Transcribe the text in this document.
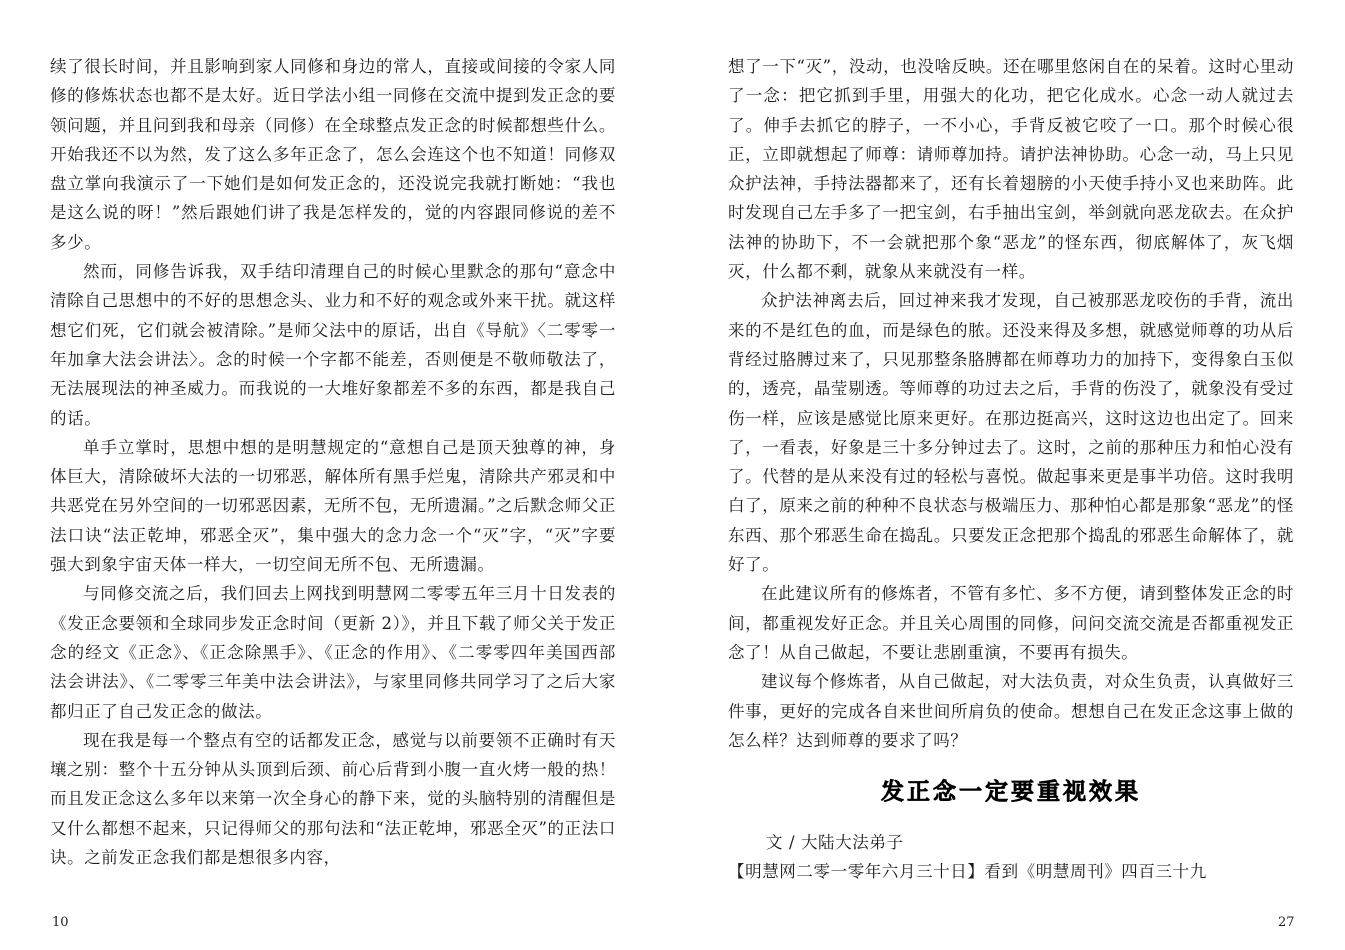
续了很长时间，并且影响到家人同修和身边的常人，直接或间接的令家人同修的修炼状态也都不是太好。近日学法小组一同修在交流中提到发正念的要领问题，并且问到我和母亲（同修）在全球整点发正念的时候都想些什么。开始我还不以为然，发了这么多年正念了，怎么会连这个也不知道！同修双盘立掌向我演示了一下她们是如何发正念的，还没说完我就打断她：“我也是这么说的呀！”然后跟她们讲了我是怎样发的，觉的内容跟同修说的差不多少。

然而，同修告诉我，双手结印清理自己的时候心里默念的那句“意念中清除自己思想中的不好的思想念头、业力和不好的观念或外来干扰。就这样想它们死，它们就会被清除。”是师父法中的原话，出自《导航》〈二零零一年加拿大法会讲法〉。念的时候一个字都不能差，否则便是不敬师敬法了，无法展现法的神圣威力。而我说的一大堆好象都差不多的东西，都是我自己的话。

单手立掌时，思想中想的是明慧规定的“意想自己是顶天独尊的神，身体巨大，清除破坏大法的一切邪恶，解体所有黑手烂鬼，清除共产邪灵和中共恶党在另外空间的一切邪恶因素，无所不包，无所遗漏。”之后默念师父正法口诀“法正乾坤，邪恶全灭”，集中强大的念力念一个“灭”字，“灭”字要强大到象宇宙天体一样大，一切空间无所不包、无所遗漏。

与同修交流之后，我们回去上网找到明慧网二零零五年三月十日发表的《发正念要领和全球同步发正念时间（更新 2）》，并且下载了师父关于发正念的经文《正念》、《正念除黑手》、《正念的作用》、《二零零四年美国西部法会讲法》、《二零零三年美中法会讲法》，与家里同修共同学习了之后大家都归正了自己发正念的做法。

现在我是每一个整点有空的话都发正念，感觉与以前要领不正确时有天壤之别：整个十五分钟从头顶到后颈、前心后背到小腹一直火烤一般的热！而且发正念这么多年以来第一次全身心的静下来，觉的头脑特别的清醒但是又什么都想不起来，只记得师父的那句法和“法正乾坤，邪恶全灭”的正法口诀。之前发正念我们都是想很多内容，

想了一下“灭”，没动，也没啥反映。还在哪里悠闲自在的呆着。这时心里动了一念：把它抓到手里，用强大的化功，把它化成水。心念一动人就过去了。伸手去抓它的脖子，一不小心，手背反被它咬了一口。那个时候心很正，立即就想起了师尊：请师尊加持。请护法神协助。心念一动，马上只见众护法神，手持法器都来了，还有长着翅膀的小天使手持小叉也来助阵。此时发现自己左手多了一把宝剑，右手抽出宝剑，举剑就向恶龙砍去。在众护法神的协助下，不一会就把那个象“恶龙”的怪东西，彻底解体了，灰飞烟灭，什么都不剩，就象从来就没有一样。

众护法神离去后，回过神来我才发现，自己被那恶龙咬伤的手背，流出来的不是红色的血，而是绿色的脓。还没来得及多想，就感觉师尊的功从后背经过胳膊过来了，只见那整条胳膊都在师尊功力的加持下，变得象白玉似的，透亮，晶莹剔透。等师尊的功过去之后，手背的伤没了，就象没有受过伤一样，应该是感觉比原来更好。在那边挺高兴，这时这边也出定了。回来了，一看表，好象是三十多分钟过去了。这时，之前的那种压力和怕心没有了。代替的是从来没有过的轻松与喜悦。做起事来更是事半功倍。这时我明白了，原来之前的种种不良状态与极端压力、那种怕心都是那象“恶龙”的怪东西、那个邪恶生命在捣乱。只要发正念把那个捣乱的邪恶生命解体了，就好了。

在此建议所有的修炼者，不管有多忙、多不方便，请到整体发正念的时间，都重视发好正念。并且关心周围的同修，问问交流交流是否都重视发正念了！从自己做起，不要让悲剧重演，不要再有损失。

建议每个修炼者，从自己做起，对大法负责，对众生负责，认真做好三件事，更好的完成各自来世间所肩负的使命。想想自己在发正念这事上做的怎么样？达到师尊的要求了吗？

发正念一定要重视效果

文 / 大陆大法弟子

【明慧网二零一零年六月三十日】看到《明慧周刊》四百三十九

10	27
